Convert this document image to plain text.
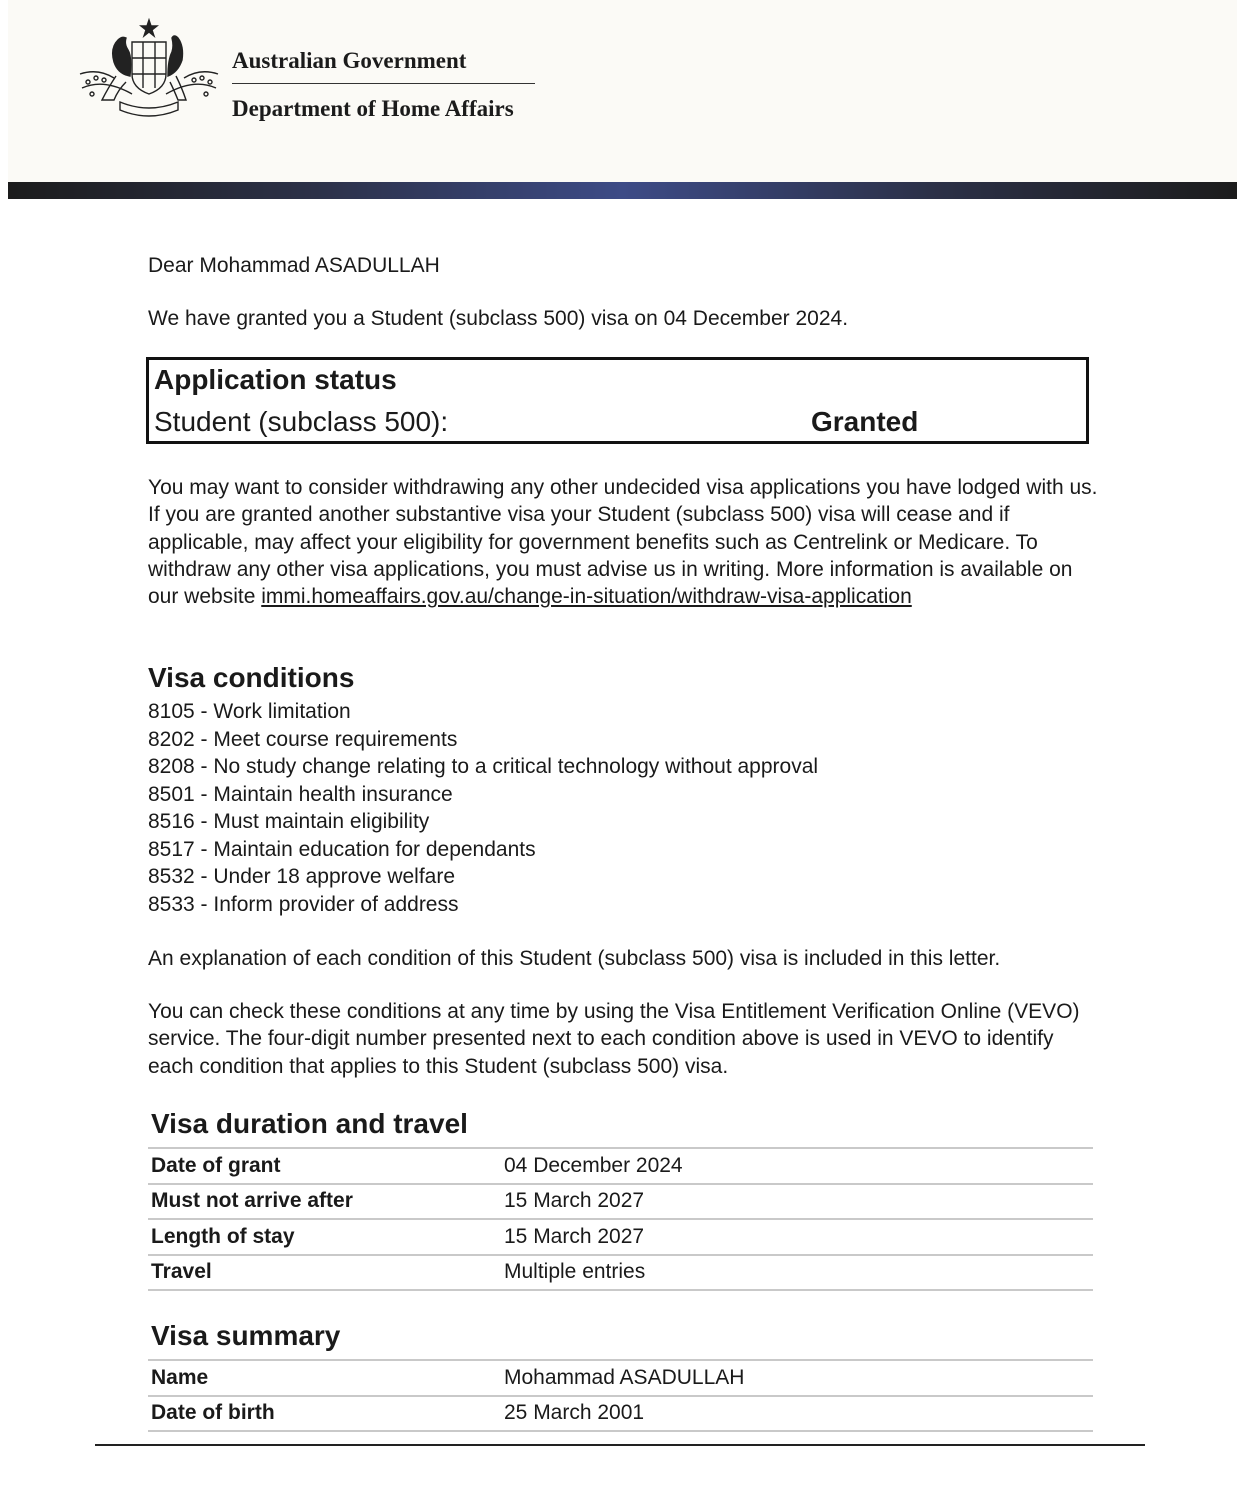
Australian Government
Department of Home Affairs
Dear Mohammad ASADULLAH
We have granted you a Student (subclass 500) visa on 04 December 2024.
Application status
Student (subclass 500):	Granted
You may want to consider withdrawing any other undecided visa applications you have lodged with us. If you are granted another substantive visa your Student (subclass 500) visa will cease and if applicable, may affect your eligibility for government benefits such as Centrelink or Medicare. To withdraw any other visa applications, you must advise us in writing. More information is available on our website immi.homeaffairs.gov.au/change-in-situation/withdraw-visa-application
Visa conditions
8105 - Work limitation
8202 - Meet course requirements
8208 - No study change relating to a critical technology without approval
8501 - Maintain health insurance
8516 - Must maintain eligibility
8517 - Maintain education for dependants
8532 - Under 18 approve welfare
8533 - Inform provider of address
An explanation of each condition of this Student (subclass 500) visa is included in this letter.
You can check these conditions at any time by using the Visa Entitlement Verification Online (VEVO) service. The four-digit number presented next to each condition above is used in VEVO to identify each condition that applies to this Student (subclass 500) visa.
Visa duration and travel
Date of grant	04 December 2024
Must not arrive after	15 March 2027
Length of stay	15 March 2027
Travel	Multiple entries
Visa summary
Name	Mohammad ASADULLAH
Date of birth	25 March 2001
